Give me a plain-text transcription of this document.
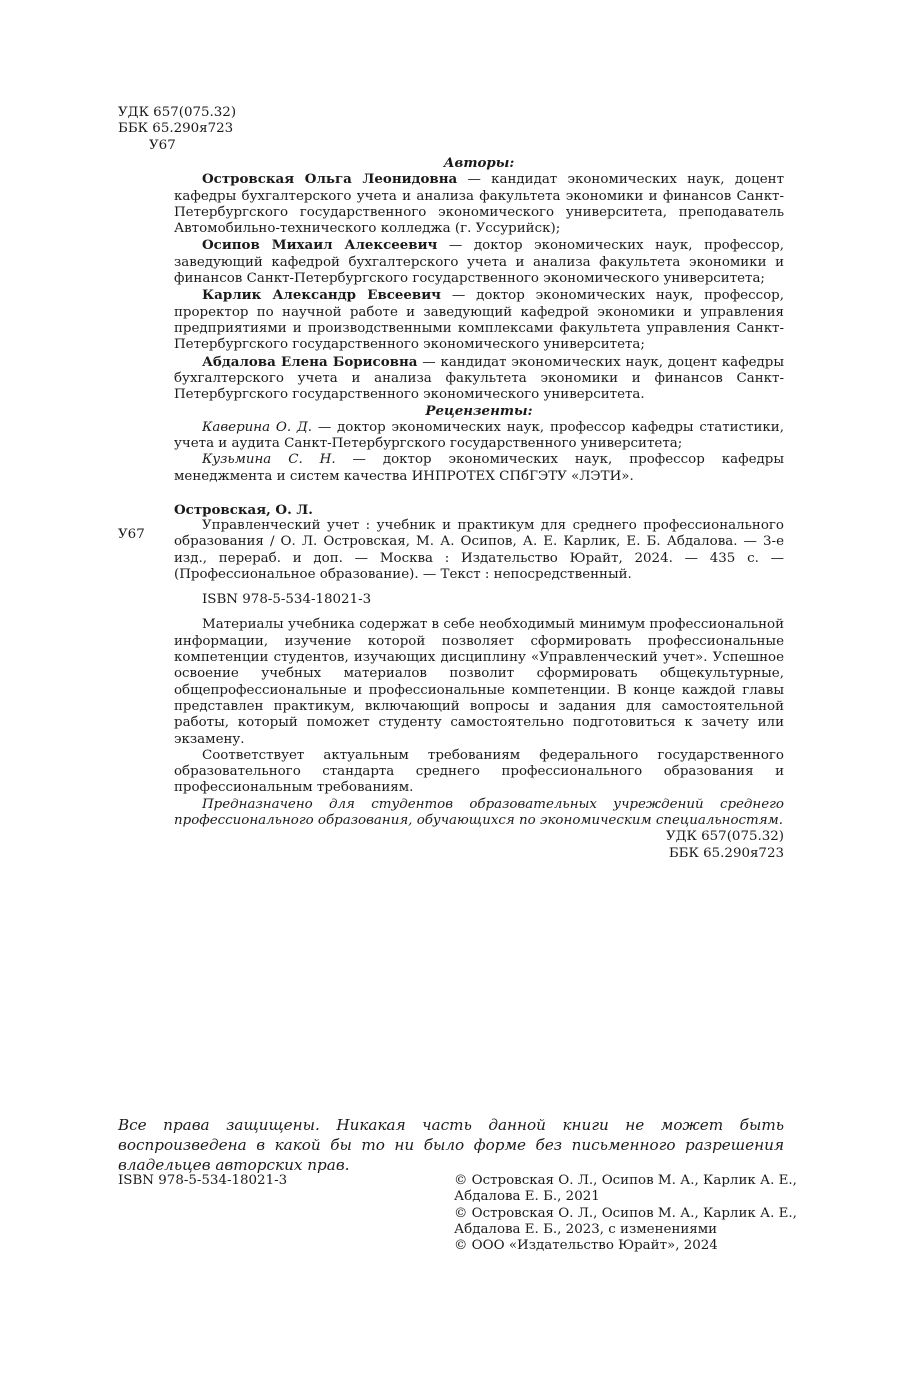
УДК 657(075.32)
ББК 65.290я723
У67
Авторы:

Островская Ольга Леонидовна — кандидат экономических наук, доцент кафедры бухгалтерского учета и анализа факультета экономики и финансов Санкт-Петербургского государственного экономического университета, преподаватель Автомобильно-технического колледжа (г. Уссурийск);

Осипов Михаил Алексеевич — доктор экономических наук, профессор, заведующий кафедрой бухгалтерского учета и анализа факультета экономики и финансов Санкт-Петербургского государственного экономического университета;

Карлик Александр Евсеевич — доктор экономических наук, профессор, проректор по научной работе и заведующий кафедрой экономики и управления предприятиями и производственными комплексами факультета управления Санкт-Петербургского государственного экономического университета;

Абдалова Елена Борисовна — кандидат экономических наук, доцент кафедры бухгалтерского учета и анализа факультета экономики и финансов Санкт-Петербургского государственного экономического университета.

Рецензенты:

Каверина О. Д. — доктор экономических наук, профессор кафедры статистики, учета и аудита Санкт-Петербургского государственного университета;

Кузьмина С. Н. — доктор экономических наук, профессор кафедры менеджмента и систем качества ИНПРОТЕХ СПбГЭТУ «ЛЭТИ».

Островская, О. Л.
У67

Управленческий учет : учебник и практикум для среднего профессионального образования / О. Л. Островская, М. А. Осипов, А. Е. Карлик, Е. Б. Абдалова. — 3-е изд., перераб. и доп. — Москва : Издательство Юрайт, 2024. — 435 с. — (Профессиональное образование). — Текст : непосредственный.

ISBN 978-5-534-18021-3

Материалы учебника содержат в себе необходимый минимум профессиональной информации, изучение которой позволяет сформировать профессиональные компетенции студентов, изучающих дисциплину «Управленческий учет». Успешное освоение учебных материалов позволит сформировать общекультурные, общепрофессиональные и профессиональные компетенции. В конце каждой главы представлен практикум, включающий вопросы и задания для самостоятельной работы, который поможет студенту самостоятельно подготовиться к зачету или экзамену.

Соответствует актуальным требованиям федерального государственного образовательного стандарта среднего профессионального образования и профессиональным требованиям.

Предназначено для студентов образовательных учреждений среднего профессионального образования, обучающихся по экономическим специальностям.

УДК 657(075.32)
ББК 65.290я723
Все права защищены. Никакая часть данной книги не может быть воспроизведена в какой бы то ни было форме без письменного разрешения владельцев авторских прав.
ISBN 978-5-534-18021-3	© Островская О. Л., Осипов М. А., Карлик А. Е.,
Абдалова Е. Б., 2021
© Островская О. Л., Осипов М. А., Карлик А. Е.,
Абдалова Е. Б., 2023, с изменениями
© ООО «Издательство Юрайт», 2024
